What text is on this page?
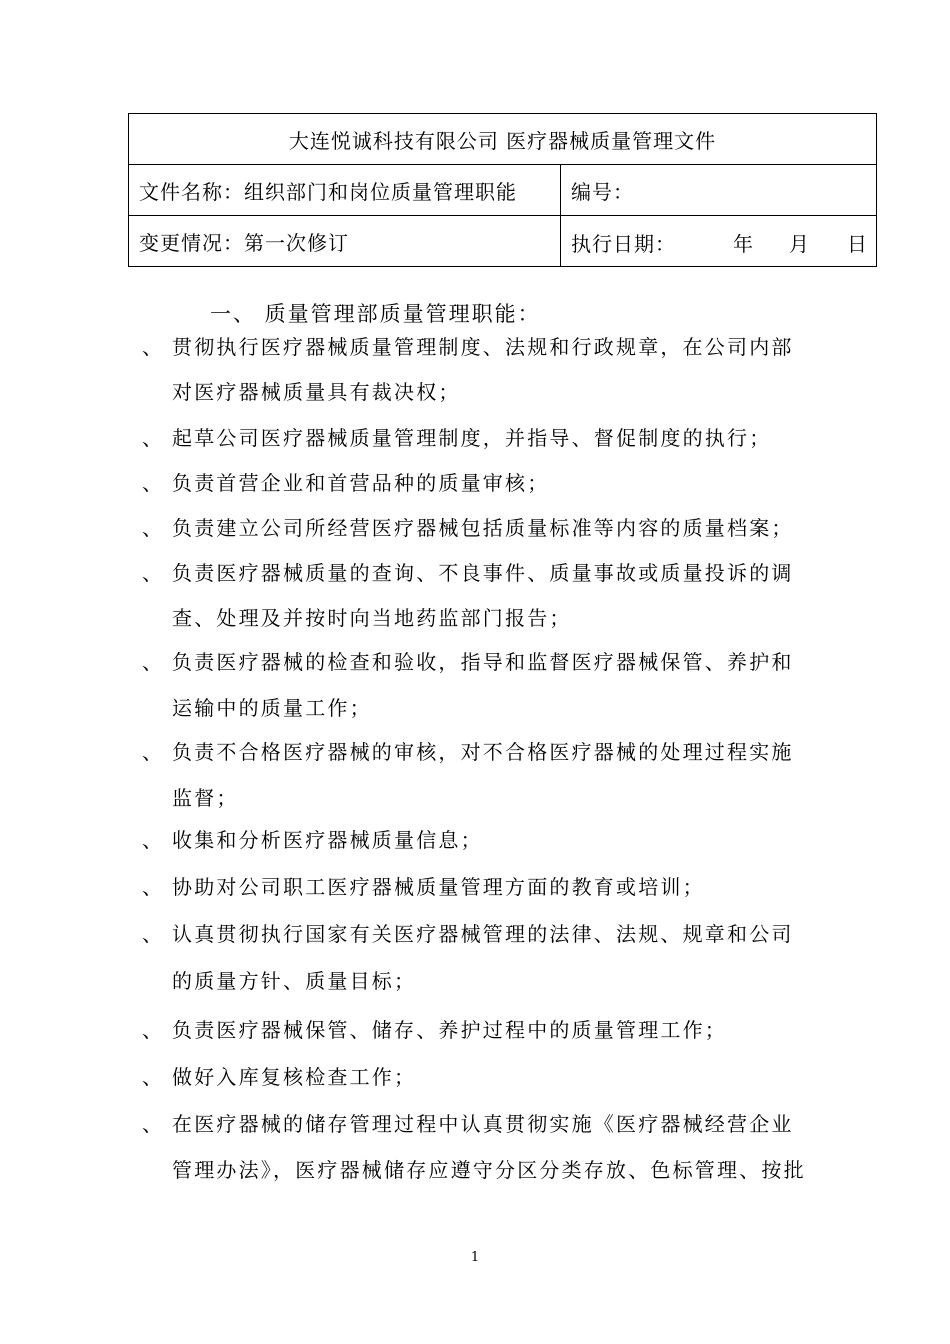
大连悦诚科技有限公司 医疗器械质量管理文件	
文件名称：组织部门和岗位质量管理职能	编号：
变更情况：第一次修订	执行日期： 年 月 日
一、 质量管理部质量管理职能：
、 贯彻执行医疗器械质量管理制度、法规和行政规章，在公司内部
对医疗器械质量具有裁决权；
、 起草公司医疗器械质量管理制度，并指导、督促制度的执行；
、 负责首营企业和首营品种的质量审核；
、 负责建立公司所经营医疗器械包括质量标准等内容的质量档案；
、 负责医疗器械质量的查询、不良事件、质量事故或质量投诉的调
查、处理及并按时向当地药监部门报告；
、 负责医疗器械的检查和验收，指导和监督医疗器械保管、养护和
运输中的质量工作；
、 负责不合格医疗器械的审核，对不合格医疗器械的处理过程实施
监督；
、 收集和分析医疗器械质量信息；
、 协助对公司职工医疗器械质量管理方面的教育或培训；
、 认真贯彻执行国家有关医疗器械管理的法律、法规、规章和公司
的质量方针、质量目标；
、 负责医疗器械保管、储存、养护过程中的质量管理工作；
、 做好入库复核检查工作；
、 在医疗器械的储存管理过程中认真贯彻实施《医疗器械经营企业
管理办法》，医疗器械储存应遵守分区分类存放、色标管理、按批
1
